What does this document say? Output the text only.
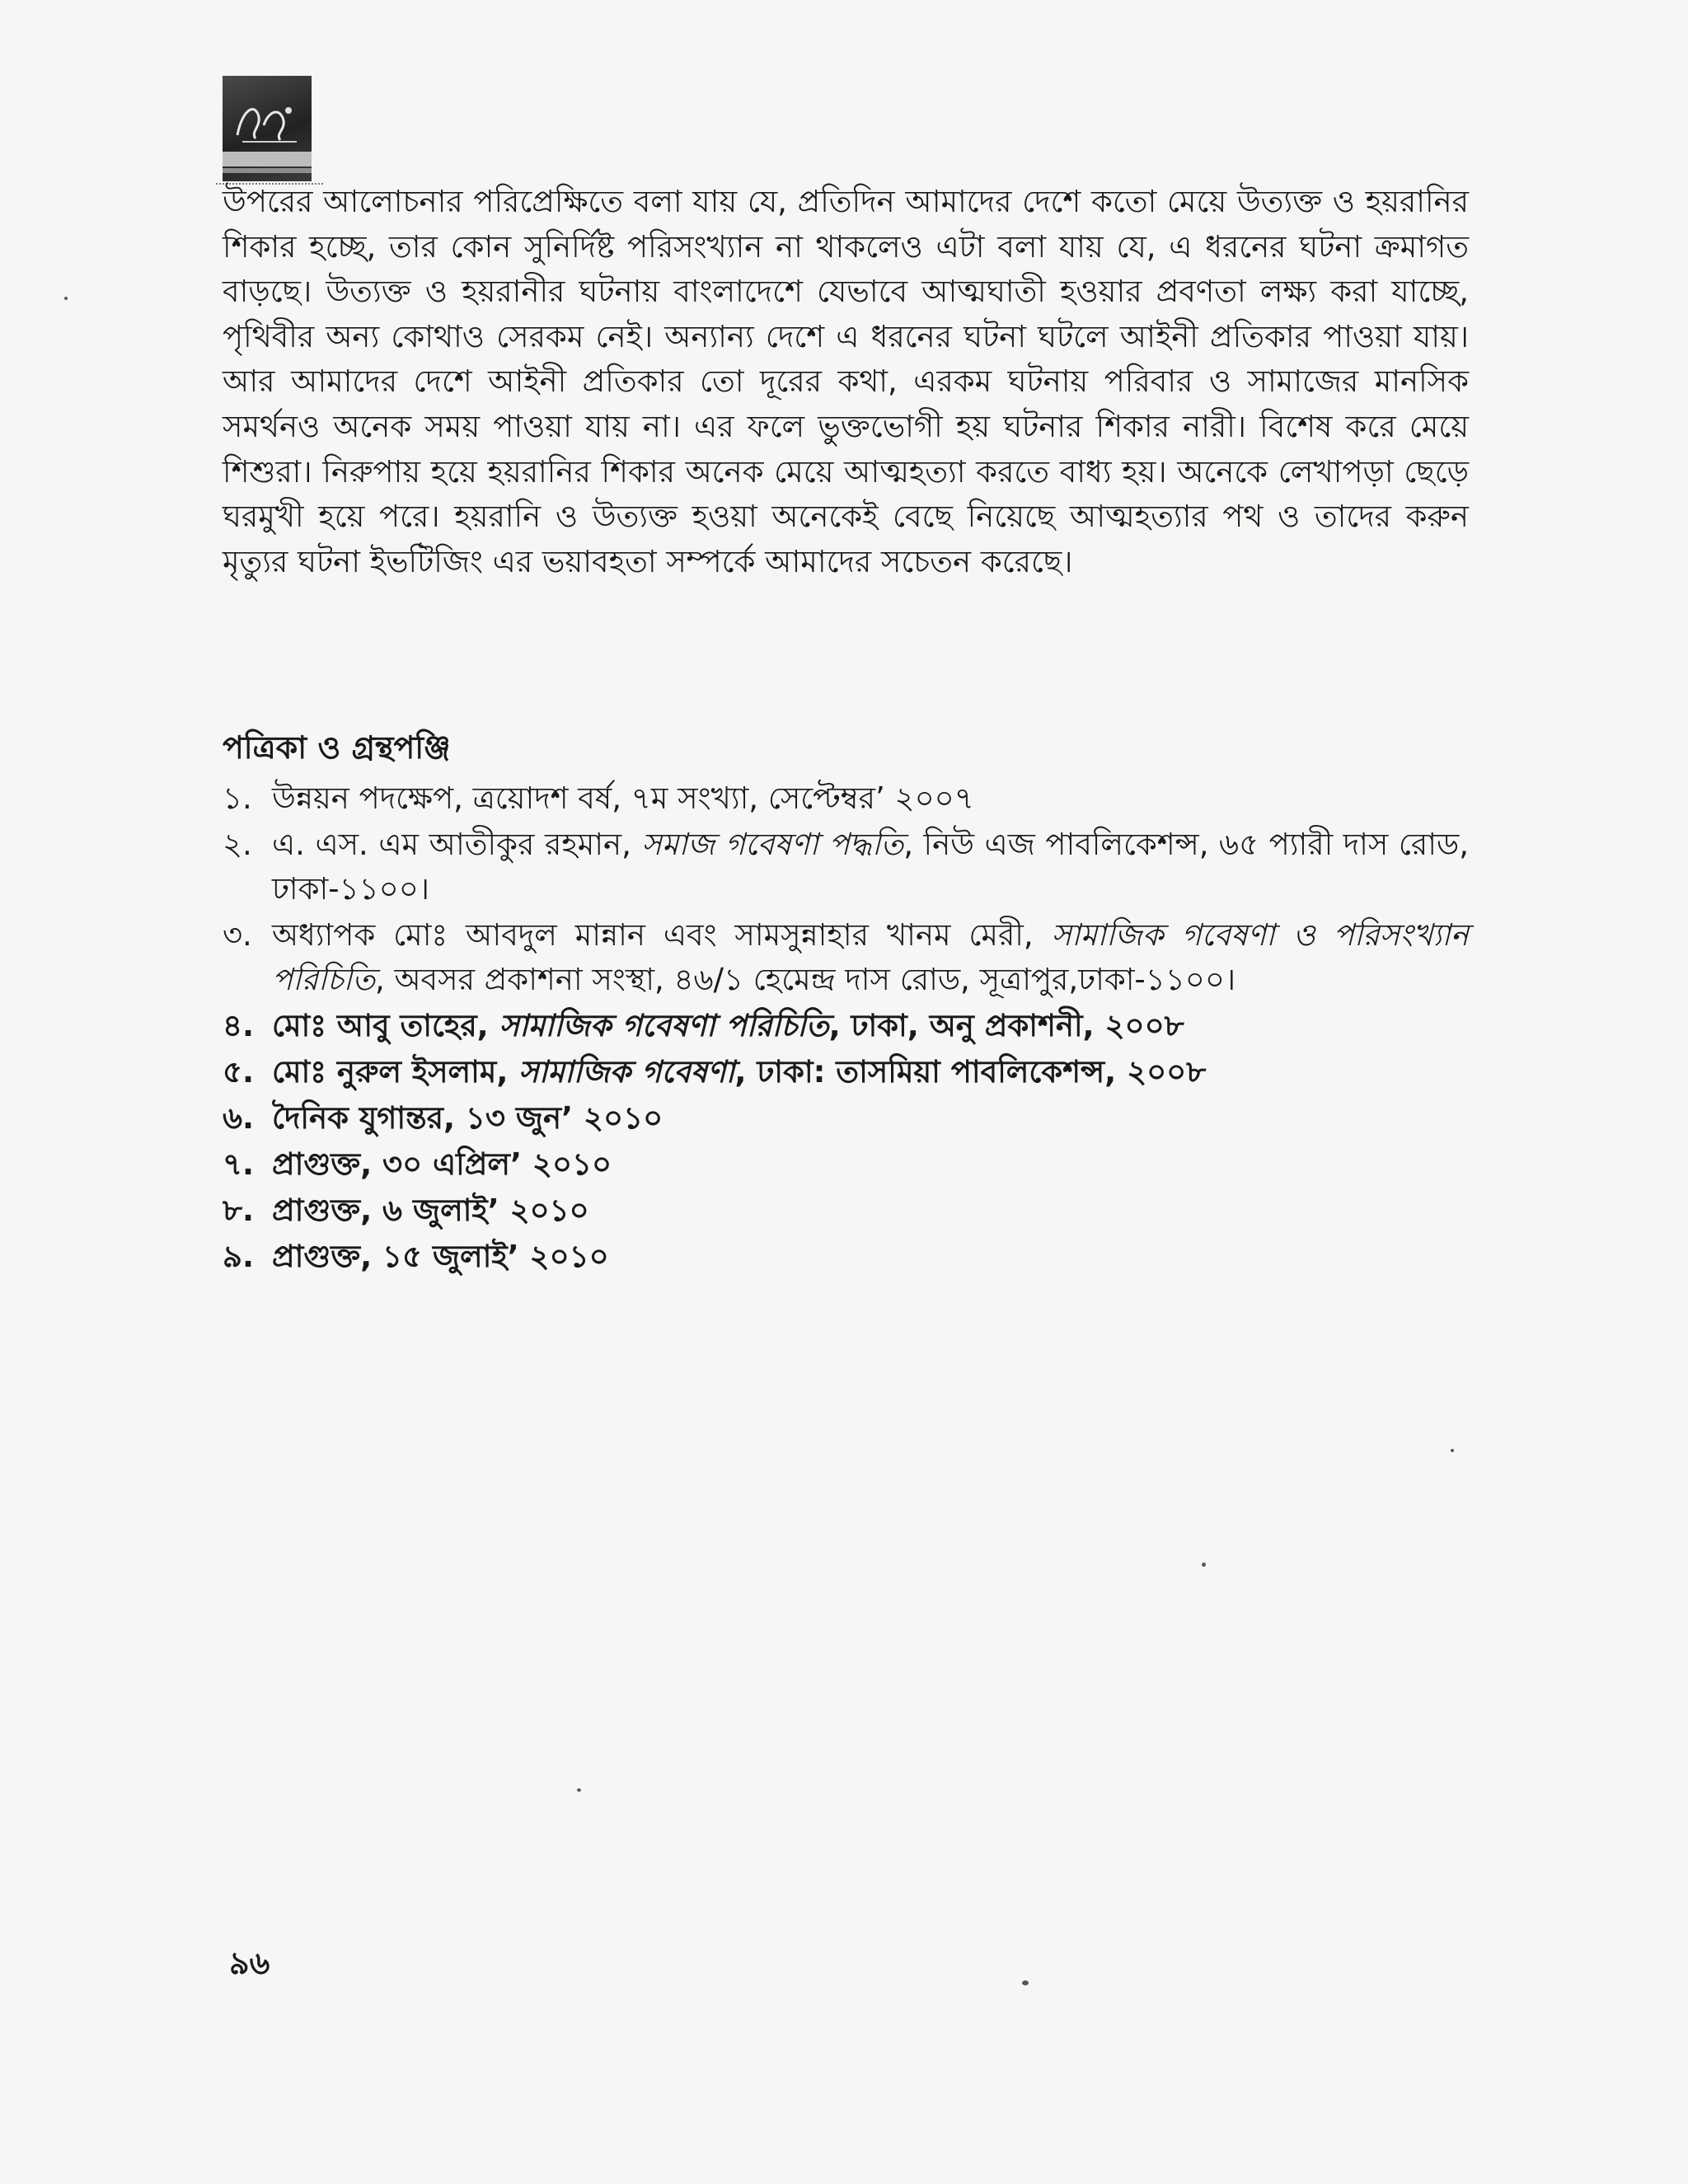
উপরের আলোচনার পরিপ্রেক্ষিতে বলা যায় যে, প্রতিদিন আমাদের দেশে কতো মেয়ে উত্যক্ত ও হয়রানির শিকার হচ্ছে, তার কোন সুনির্দিষ্ট পরিসংখ্যান না থাকলেও এটা বলা যায় যে, এ ধরনের ঘটনা ক্রমাগত বাড়ছে। উত্যক্ত ও হয়রানীর ঘটনায় বাংলাদেশে যেভাবে আত্মঘাতী হওয়ার প্রবণতা লক্ষ্য করা যাচ্ছে, পৃথিবীর অন্য কোথাও সেরকম নেই। অন্যান্য দেশে এ ধরনের ঘটনা ঘটলে আইনী প্রতিকার পাওয়া যায়। আর আমাদের দেশে আইনী প্রতিকার তো দূরের কথা, এরকম ঘটনায় পরিবার ও সামাজের মানসিক সমর্থনও অনেক সময় পাওয়া যায় না। এর ফলে ভুক্তভোগী হয় ঘটনার শিকার নারী। বিশেষ করে মেয়ে শিশুরা। নিরুপায় হয়ে হয়রানির শিকার অনেক মেয়ে আত্মহত্যা করতে বাধ্য হয়। অনেকে লেখাপড়া ছেড়ে ঘরমুখী হয়ে পরে। হয়রানি ও উত্যক্ত হওয়া অনেকেই বেছে নিয়েছে আত্মহত্যার পথ ও তাদের করুন মৃত্যুর ঘটনা ইভটিজিং এর ভয়াবহতা সম্পর্কে আমাদের সচেতন করেছে।

পত্রিকা ও গ্রন্থপঞ্জি
১. উন্নয়ন পদক্ষেপ, ত্রয়োদশ বর্ষ, ৭ম সংখ্যা, সেপ্টেম্বর’ ২০০৭
২. এ. এস. এম আতীকুর রহমান, সমাজ গবেষণা পদ্ধতি, নিউ এজ পাবলিকেশন্স, ৬৫ প্যারী দাস রোড, ঢাকা-১১০০।
৩. অধ্যাপক মোঃ আবদুল মান্নান এবং সামসুন্নাহার খানম মেরী, সামাজিক গবেষণা ও পরিসংখ্যান পরিচিতি, অবসর প্রকাশনা সংস্থা, ৪৬/১ হেমেন্দ্র দাস রোড, সূত্রাপুর,ঢাকা-১১০০।
৪. মোঃ আবু তাহের, সামাজিক গবেষণা পরিচিতি, ঢাকা, অনু প্রকাশনী, ২০০৮
৫. মোঃ নুরুল ইসলাম, সামাজিক গবেষণা, ঢাকা: তাসমিয়া পাবলিকেশন্স, ২০০৮
৬. দৈনিক যুগান্তর, ১৩ জুন’ ২০১০
৭. প্রাগুক্ত, ৩০ এপ্রিল’ ২০১০
৮. প্রাগুক্ত, ৬ জুলাই’ ২০১০
৯. প্রাগুক্ত, ১৫ জুলাই’ ২০১০
৯৬
